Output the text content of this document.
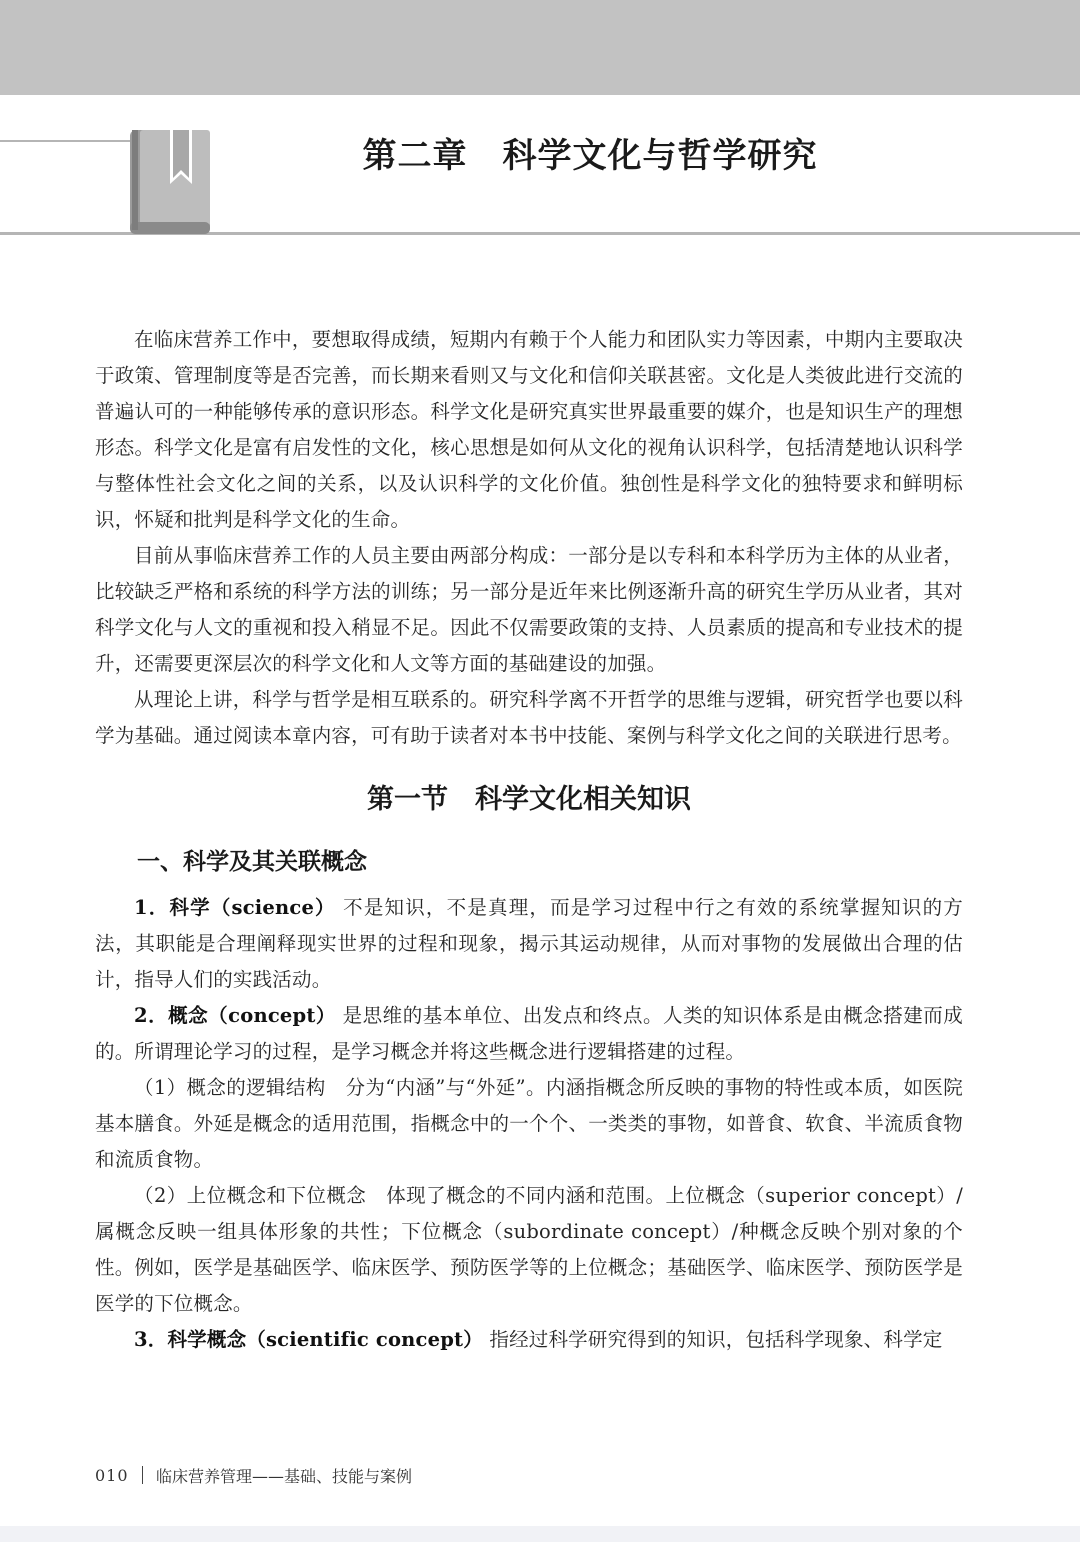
第二章　科学文化与哲学研究

在临床营养工作中，要想取得成绩，短期内有赖于个人能力和团队实力等因素，中期内主要取决于政策、管理制度等是否完善，而长期来看则又与文化和信仰关联甚密。文化是人类彼此进行交流的普遍认可的一种能够传承的意识形态。科学文化是研究真实世界最重要的媒介，也是知识生产的理想形态。科学文化是富有启发性的文化，核心思想是如何从文化的视角认识科学，包括清楚地认识科学与整体性社会文化之间的关系，以及认识科学的文化价值。独创性是科学文化的独特要求和鲜明标识，怀疑和批判是科学文化的生命。

目前从事临床营养工作的人员主要由两部分构成：一部分是以专科和本科学历为主体的从业者，比较缺乏严格和系统的科学方法的训练；另一部分是近年来比例逐渐升高的研究生学历从业者，其对科学文化与人文的重视和投入稍显不足。因此不仅需要政策的支持、人员素质的提高和专业技术的提升，还需要更深层次的科学文化和人文等方面的基础建设的加强。

从理论上讲，科学与哲学是相互联系的。研究科学离不开哲学的思维与逻辑，研究哲学也要以科学为基础。通过阅读本章内容，可有助于读者对本书中技能、案例与科学文化之间的关联进行思考。

第一节　科学文化相关知识
一、科学及其关联概念

1．科学（science） 不是知识，不是真理，而是学习过程中行之有效的系统掌握知识的方法，其职能是合理阐释现实世界的过程和现象，揭示其运动规律，从而对事物的发展做出合理的估计，指导人们的实践活动。

2．概念（concept） 是思维的基本单位、出发点和终点。人类的知识体系是由概念搭建而成的。所谓理论学习的过程，是学习概念并将这些概念进行逻辑搭建的过程。

（1）概念的逻辑结构　 分为“内涵”与“外延”。内涵指概念所反映的事物的特性或本质，如医院基本膳食。外延是概念的适用范围，指概念中的一个个、一类类的事物，如普食、软食、半流质食物和流质食物。

（2）上位概念和下位概念　 体现了概念的不同内涵和范围。上位概念（superior concept）/属概念反映一组具体形象的共性；下位概念（subordinate concept）/种概念反映个别对象的个性。例如，医学是基础医学、临床医学、预防医学等的上位概念；基础医学、临床医学、预防医学是医学的下位概念。

3．科学概念（scientific concept） 指经过科学研究得到的知识，包括科学现象、科学定

010 临床营养管理——基础、技能与案例
